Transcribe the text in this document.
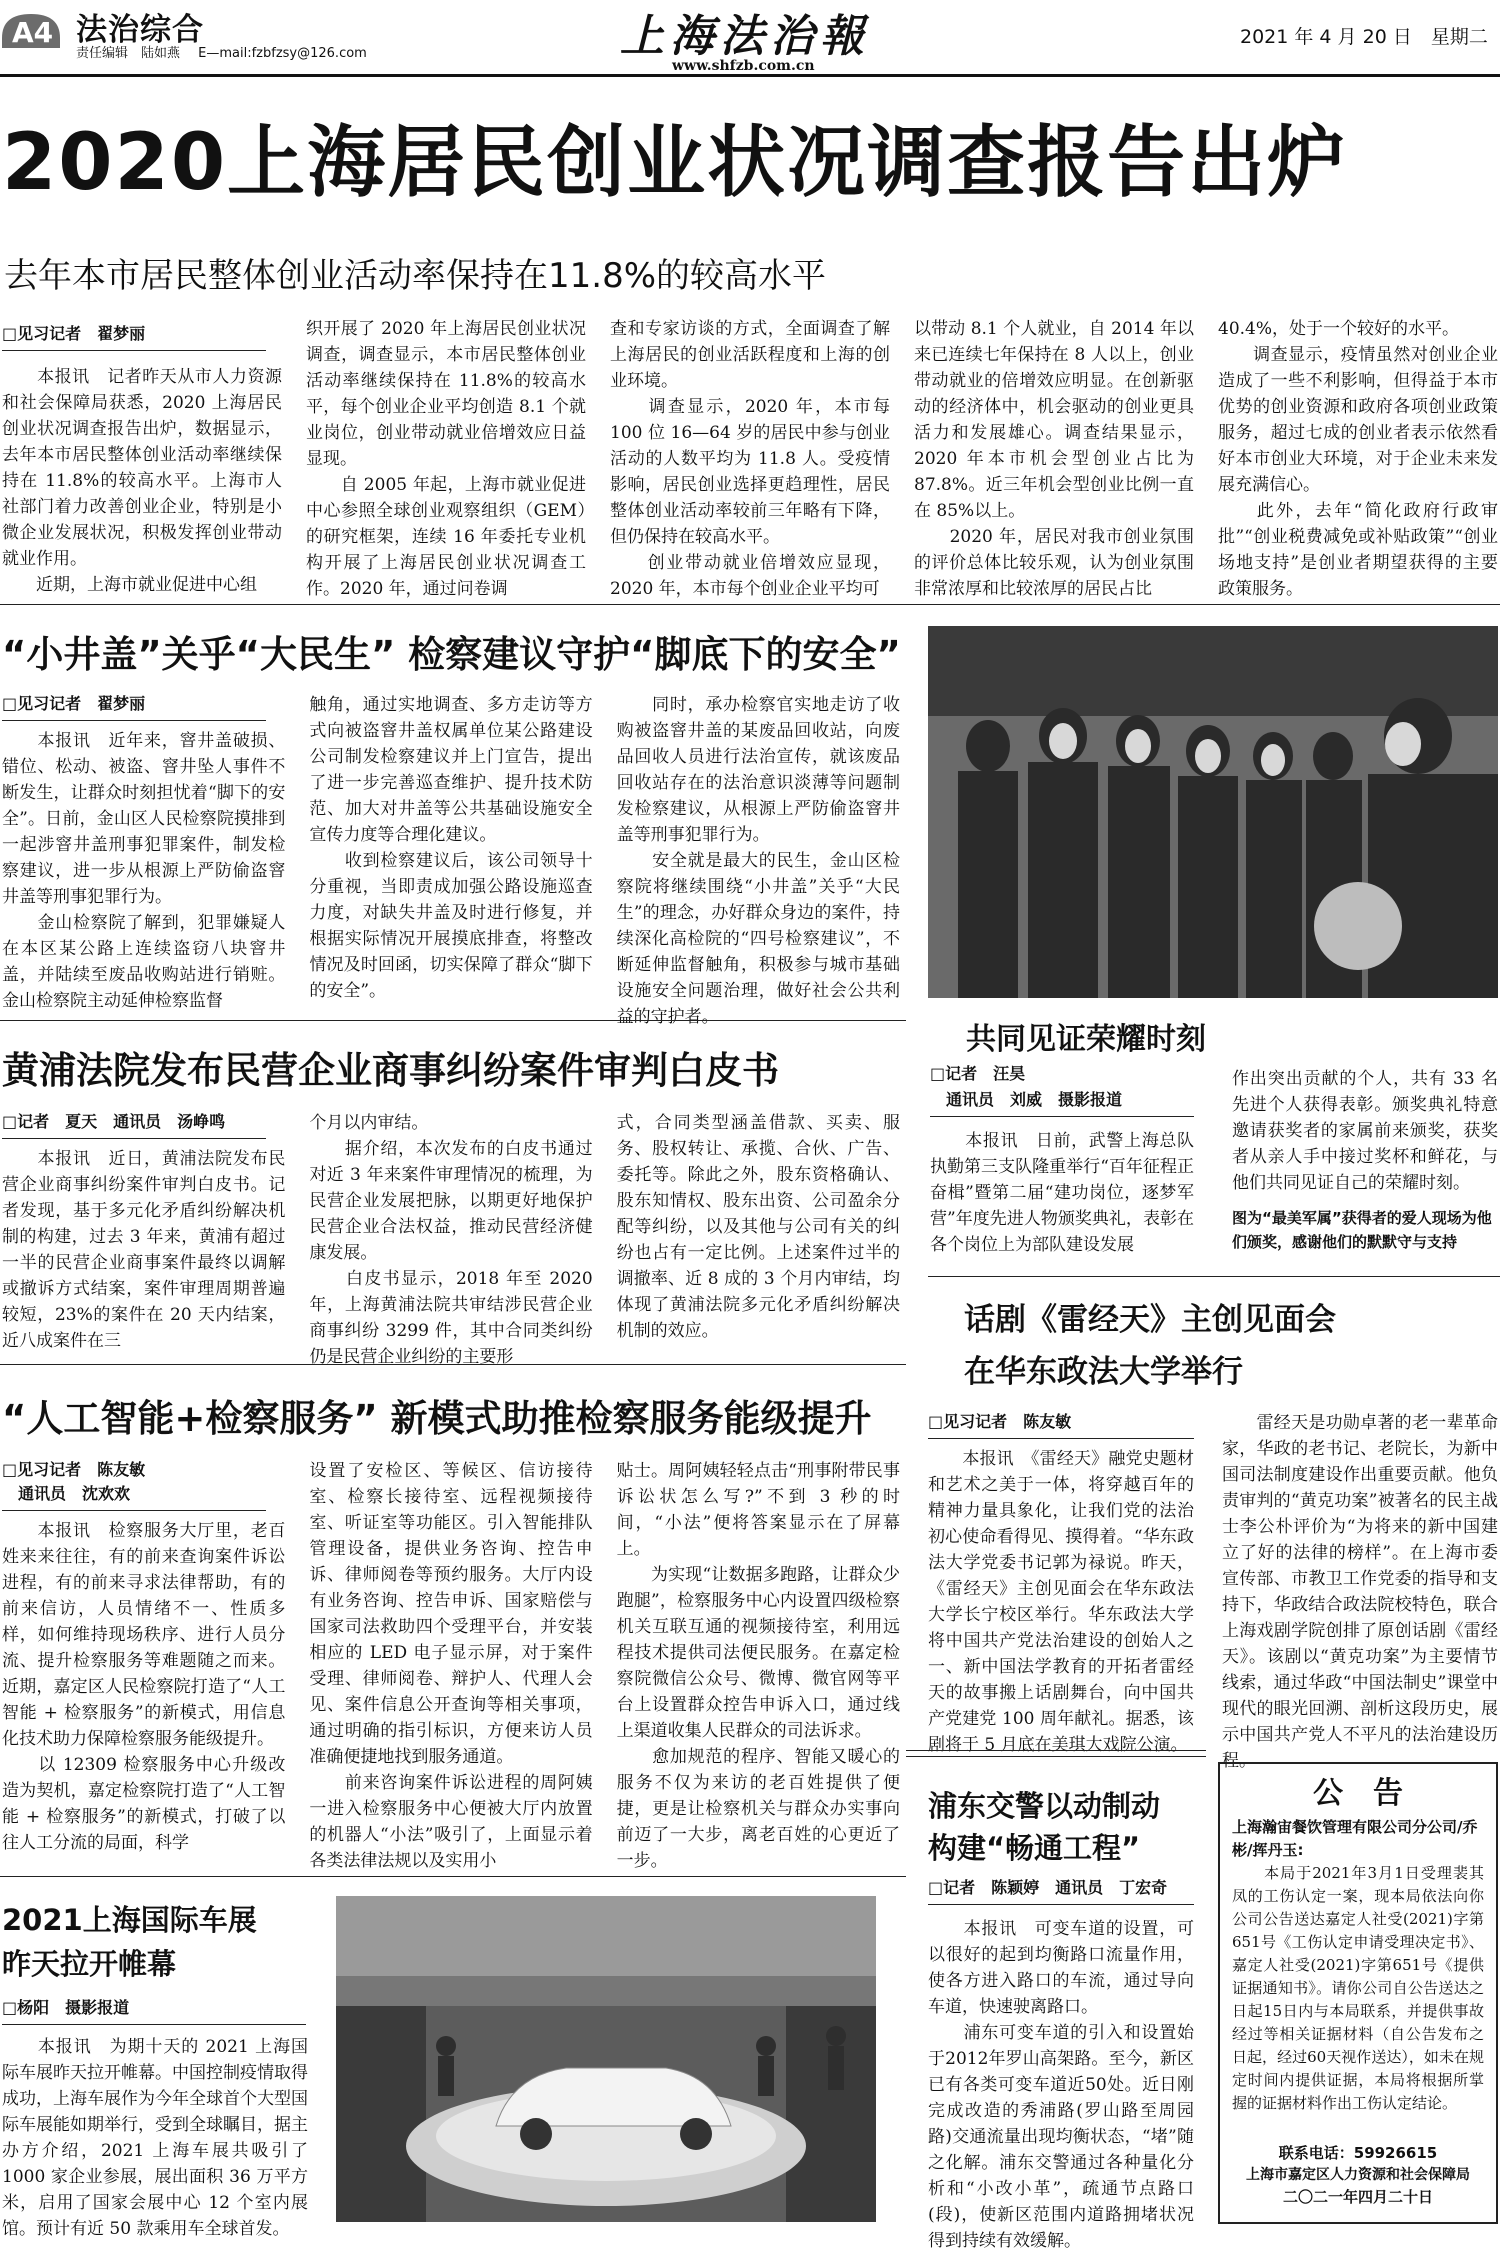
A4 法治综合
责任编辑　陆如燕 E—mail:fzbfzsy@126.com	上海法治報
www.shfzb.com.cn
2021 年 4 月 20 日　星期二
2020上海居民创业状况调查报告出炉
去年本市居民整体创业活动率保持在11.8%的较高水平
□见习记者　翟梦丽
　　本报讯　记者昨天从市人力资源和社会保障局获悉，2020 上海居民创业状况调查报告出炉，数据显示，去年本市居民整体创业活动率继续保持在 11.8%的较高水平。上海市人社部门着力改善创业企业，特别是小微企业发展状况，积极发挥创业带动就业作用。
　　近期，上海市就业促进中心组
织开展了 2020 年上海居民创业状况调查，调查显示，本市居民整体创业活动率继续保持在 11.8%的较高水平，每个创业企业平均创造 8.1 个就业岗位，创业带动就业倍增效应日益显现。
　　自 2005 年起，上海市就业促进中心参照全球创业观察组织（GEM）的研究框架，连续 16 年委托专业机构开展了上海居民创业状况调查工作。2020 年，通过问卷调
查和专家访谈的方式，全面调查了解上海居民的创业活跃程度和上海的创业环境。
　　调查显示，2020 年，本市每 100 位 16—64 岁的居民中参与创业活动的人数平均为 11.8 人。受疫情影响，居民创业选择更趋理性，居民整体创业活动率较前三年略有下降，但仍保持在较高水平。
　　创业带动就业倍增效应显现，2020 年，本市每个创业企业平均可
以带动 8.1 个人就业，自 2014 年以来已连续七年保持在 8 人以上，创业带动就业的倍增效应明显。在创新驱动的经济体中，机会驱动的创业更具活力和发展雄心。调查结果显示，2020 年本市机会型创业占比为 87.8%。近三年机会型创业比例一直在 85%以上。
　　2020 年，居民对我市创业氛围的评价总体比较乐观，认为创业氛围非常浓厚和比较浓厚的居民占比
40.4%，处于一个较好的水平。
　　调查显示，疫情虽然对创业企业造成了一些不利影响，但得益于本市优势的创业资源和政府各项创业政策服务，超过七成的创业者表示依然看好本市创业大环境，对于企业未来发展充满信心。
　　此外，去年“简化政府行政审批”“创业税费减免或补贴政策”“创业场地支持”是创业者期望获得的主要政策服务。
“小井盖”关乎“大民生” 检察建议守护“脚底下的安全”
□见习记者　翟梦丽
　　本报讯　近年来，窨井盖破损、错位、松动、被盗、窨井坠人事件不断发生，让群众时刻担忧着“脚下的安全”。日前，金山区人民检察院摸排到一起涉窨井盖刑事犯罪案件，制发检察建议，进一步从根源上严防偷盗窨井盖等刑事犯罪行为。
　　金山检察院了解到，犯罪嫌疑人在本区某公路上连续盗窃八块窨井盖，并陆续至废品收购站进行销赃。金山检察院主动延伸检察监督
触角，通过实地调查、多方走访等方式向被盗窨井盖权属单位某公路建设公司制发检察建议并上门宣告，提出了进一步完善巡查维护、提升技术防范、加大对井盖等公共基础设施安全宣传力度等合理化建议。
　　收到检察建议后，该公司领导十分重视，当即责成加强公路设施巡查力度，对缺失井盖及时进行修复，并根据实际情况开展摸底排查，将整改情况及时回函，切实保障了群众“脚下的安全”。
　　同时，承办检察官实地走访了收购被盗窨井盖的某废品回收站，向废品回收人员进行法治宣传，就该废品回收站存在的法治意识淡薄等问题制发检察建议，从根源上严防偷盗窨井盖等刑事犯罪行为。
　　安全就是最大的民生，金山区检察院将继续围绕“小井盖”关乎“大民生”的理念，办好群众身边的案件，持续深化高检院的“四号检察建议”，不断延伸监督触角，积极参与城市基础设施安全问题治理，做好社会公共利益的守护者。
共同见证荣耀时刻
□记者　汪昊
通讯员　刘威　摄影报道
　　本报讯　日前，武警上海总队执勤第三支队隆重举行“百年征程正奋楫”暨第二届“建功岗位，逐梦军营”年度先进人物颁奖典礼，表彰在各个岗位上为部队建设发展
作出突出贡献的个人，共有 33 名先进个人获得表彰。颁奖典礼特意邀请获奖者的家属前来颁奖，获奖者从亲人手中接过奖杯和鲜花，与他们共同见证自己的荣耀时刻。
图为“最美军属”获得者的爱人现场为他们颁奖，感谢他们的默默守与支持
黄浦法院发布民营企业商事纠纷案件审判白皮书
□记者　夏天　通讯员　汤峥鸣
　　本报讯　近日，黄浦法院发布民营企业商事纠纷案件审判白皮书。记者发现，基于多元化矛盾纠纷解决机制的构建，过去 3 年来，黄浦有超过一半的民营企业商事案件最终以调解或撤诉方式结案，案件审理周期普遍较短，23%的案件在 20 天内结案，近八成案件在三
个月以内审结。
　　据介绍，本次发布的白皮书通过对近 3 年来案件审理情况的梳理，为民营企业发展把脉，以期更好地保护民营企业合法权益，推动民营经济健康发展。
　　白皮书显示，2018 年至 2020 年，上海黄浦法院共审结涉民营企业商事纠纷 3299 件，其中合同类纠纷仍是民营企业纠纷的主要形
式，合同类型涵盖借款、买卖、服务、股权转让、承揽、合伙、广告、委托等。除此之外，股东资格确认、股东知情权、股东出资、公司盈余分配等纠纷，以及其他与公司有关的纠纷也占有一定比例。上述案件过半的调撤率、近 8 成的 3 个月内审结，均体现了黄浦法院多元化矛盾纠纷解决机制的效应。	话剧《雷经天》主创见面会
在华东政法大学举行
□见习记者　陈友敏
　　本报讯　《雷经天》融党史题材和艺术之美于一体，将穿越百年的精神力量具象化，让我们党的法治初心使命看得见、摸得着。“华东政法大学党委书记郭为禄说。昨天，《雷经天》主创见面会在华东政法大学长宁校区举行。华东政法大学将中国共产党法治建设的创始人之一、新中国法学教育的开拓者雷经天的故事搬上话剧舞台，向中国共产党建党 100 周年献礼。据悉，该剧将于 5 月底在美琪大戏院公演。
　　雷经天是功勋卓著的老一辈革命家，华政的老书记、老院长，为新中国司法制度建设作出重要贡献。他负责审判的“黄克功案”被著名的民主战士李公朴评价为“为将来的新中国建立了好的法律的榜样”。在上海市委宣传部、市教卫工作党委的指导和支持下，华政结合政法院校特色，联合上海戏剧学院创排了原创话剧《雷经天》。该剧以“黄克功案”为主要情节线索，通过华政“中国法制史”课堂中现代的眼光回溯、剖析这段历史，展示中国共产党人不平凡的法治建设历程。
“人工智能+检察服务” 新模式助推检察服务能级提升
□见习记者　陈友敏
通讯员　沈欢欢
　　本报讯　检察服务大厅里，老百姓来来往往，有的前来查询案件诉讼进程，有的前来寻求法律帮助，有的前来信访，人员情绪不一、性质多样，如何维持现场秩序、进行人员分流、提升检察服务等难题随之而来。近期，嘉定区人民检察院打造了“人工智能 + 检察服务”的新模式，用信息化技术助力保障检察服务能级提升。
　　以 12309 检察服务中心升级改造为契机，嘉定检察院打造了“人工智能 + 检察服务”的新模式，打破了以往人工分流的局面，科学
设置了安检区、等候区、信访接待室、检察长接待室、远程视频接待室、听证室等功能区。引入智能排队管理设备，提供业务咨询、控告申诉、律师阅卷等预约服务。大厅内设有业务咨询、控告申诉、国家赔偿与国家司法救助四个受理平台，并安装相应的 LED 电子显示屏，对于案件受理、律师阅卷、辩护人、代理人会见、案件信息公开查询等相关事项，通过明确的指引标识，方便来访人员准确便捷地找到服务通道。
　　前来咨询案件诉讼进程的周阿姨一进入检察服务中心便被大厅内放置的机器人“小法”吸引了，上面显示着各类法律法规以及实用小
贴士。周阿姨轻轻点击“刑事附带民事诉讼状怎么写?”不到 3 秒的时间，“小法”便将答案显示在了屏幕上。
　　为实现“让数据多跑路，让群众少跑腿”，检察服务中心内设置四级检察机关互联互通的视频接待室，利用远程技术提供司法便民服务。在嘉定检察院微信公众号、微博、微官网等平台上设置群众控告申诉入口，通过线上渠道收集人民群众的司法诉求。
　　愈加规范的程序、智能又暖心的服务不仅为来访的老百姓提供了便捷，更是让检察机关与群众办实事向前迈了一大步，离老百姓的心更近了一步。
2021上海国际车展
昨天拉开帷幕
□杨阳　摄影报道
　　本报讯　为期十天的 2021 上海国际车展昨天拉开帷幕。中国控制疫情取得成功，上海车展作为今年全球首个大型国际车展能如期举行，受到全球瞩目，据主办方介绍，2021 上海车展共吸引了 1000 家企业参展，展出面积 36 万平方米，启用了国家会展中心 12 个室内展馆。预计有近 50 款乘用车全球首发。
浦东交警以动制动
构建“畅通工程”
□记者　陈颖婷　通讯员　丁宏奇
　　本报讯　可变车道的设置，可以很好的起到均衡路口流量作用，使各方进入路口的车流，通过导向车道，快速驶离路口。
　　浦东可变车道的引入和设置始于2012年罗山高架路。至今，新区已有各类可变车道近50处。近日刚完成改造的秀浦路(罗山路至周园路)交通流量出现均衡状态，“堵”随之化解。浦东交警通过各种量化分析和“小改小革”，疏通节点路口(段)，使新区范围内道路拥堵状况得到持续有效缓解。
公　告
上海瀚宙餐饮管理有限公司分公司/乔彬/挥丹玉:
　　本局于2021年3月1日受理裴其凤的工伤认定一案，现本局依法向你公司公告送达嘉定人社受(2021)字第651号《工伤认定申请受理决定书》、嘉定人社受(2021)字第651号《提供证据通知书》。请你公司自公告送达之日起15日内与本局联系，并提供事故经过等相关证据材料（自公告发布之日起，经过60天视作送达），如未在规定时间内提供证据，本局将根据所掌握的证据材料作出工伤认定结论。
联系电话：59926615
上海市嘉定区人力资源和社会保障局
二〇二一年四月二十日
